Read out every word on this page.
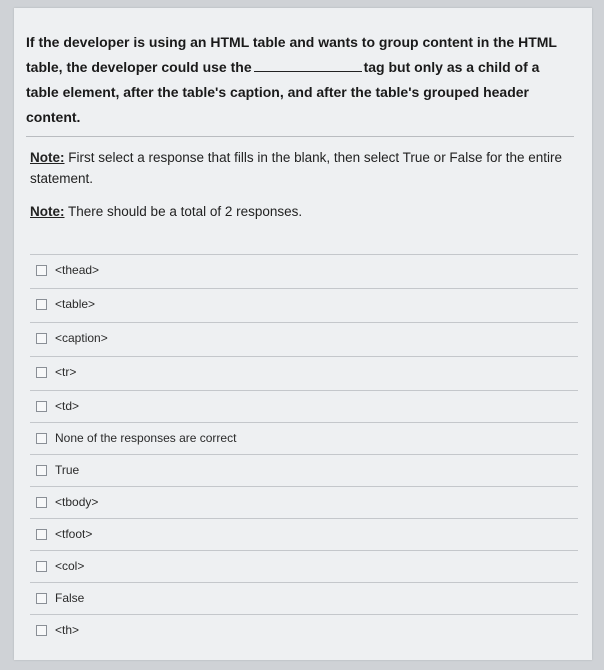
If the developer is using an HTML table and wants to group content in the HTML table, the developer could use the	tag but only as a child of a table element, after the table's caption, and after the table's grouped header content.
Note: First select a response that fills in the blank, then select True or False for the entire statement.
Note: There should be a total of 2 responses.
<thead>
<table>
<caption>
<tr>
<td>
None of the responses are correct
True
<tbody>
<tfoot>
<col>
False
<th>
